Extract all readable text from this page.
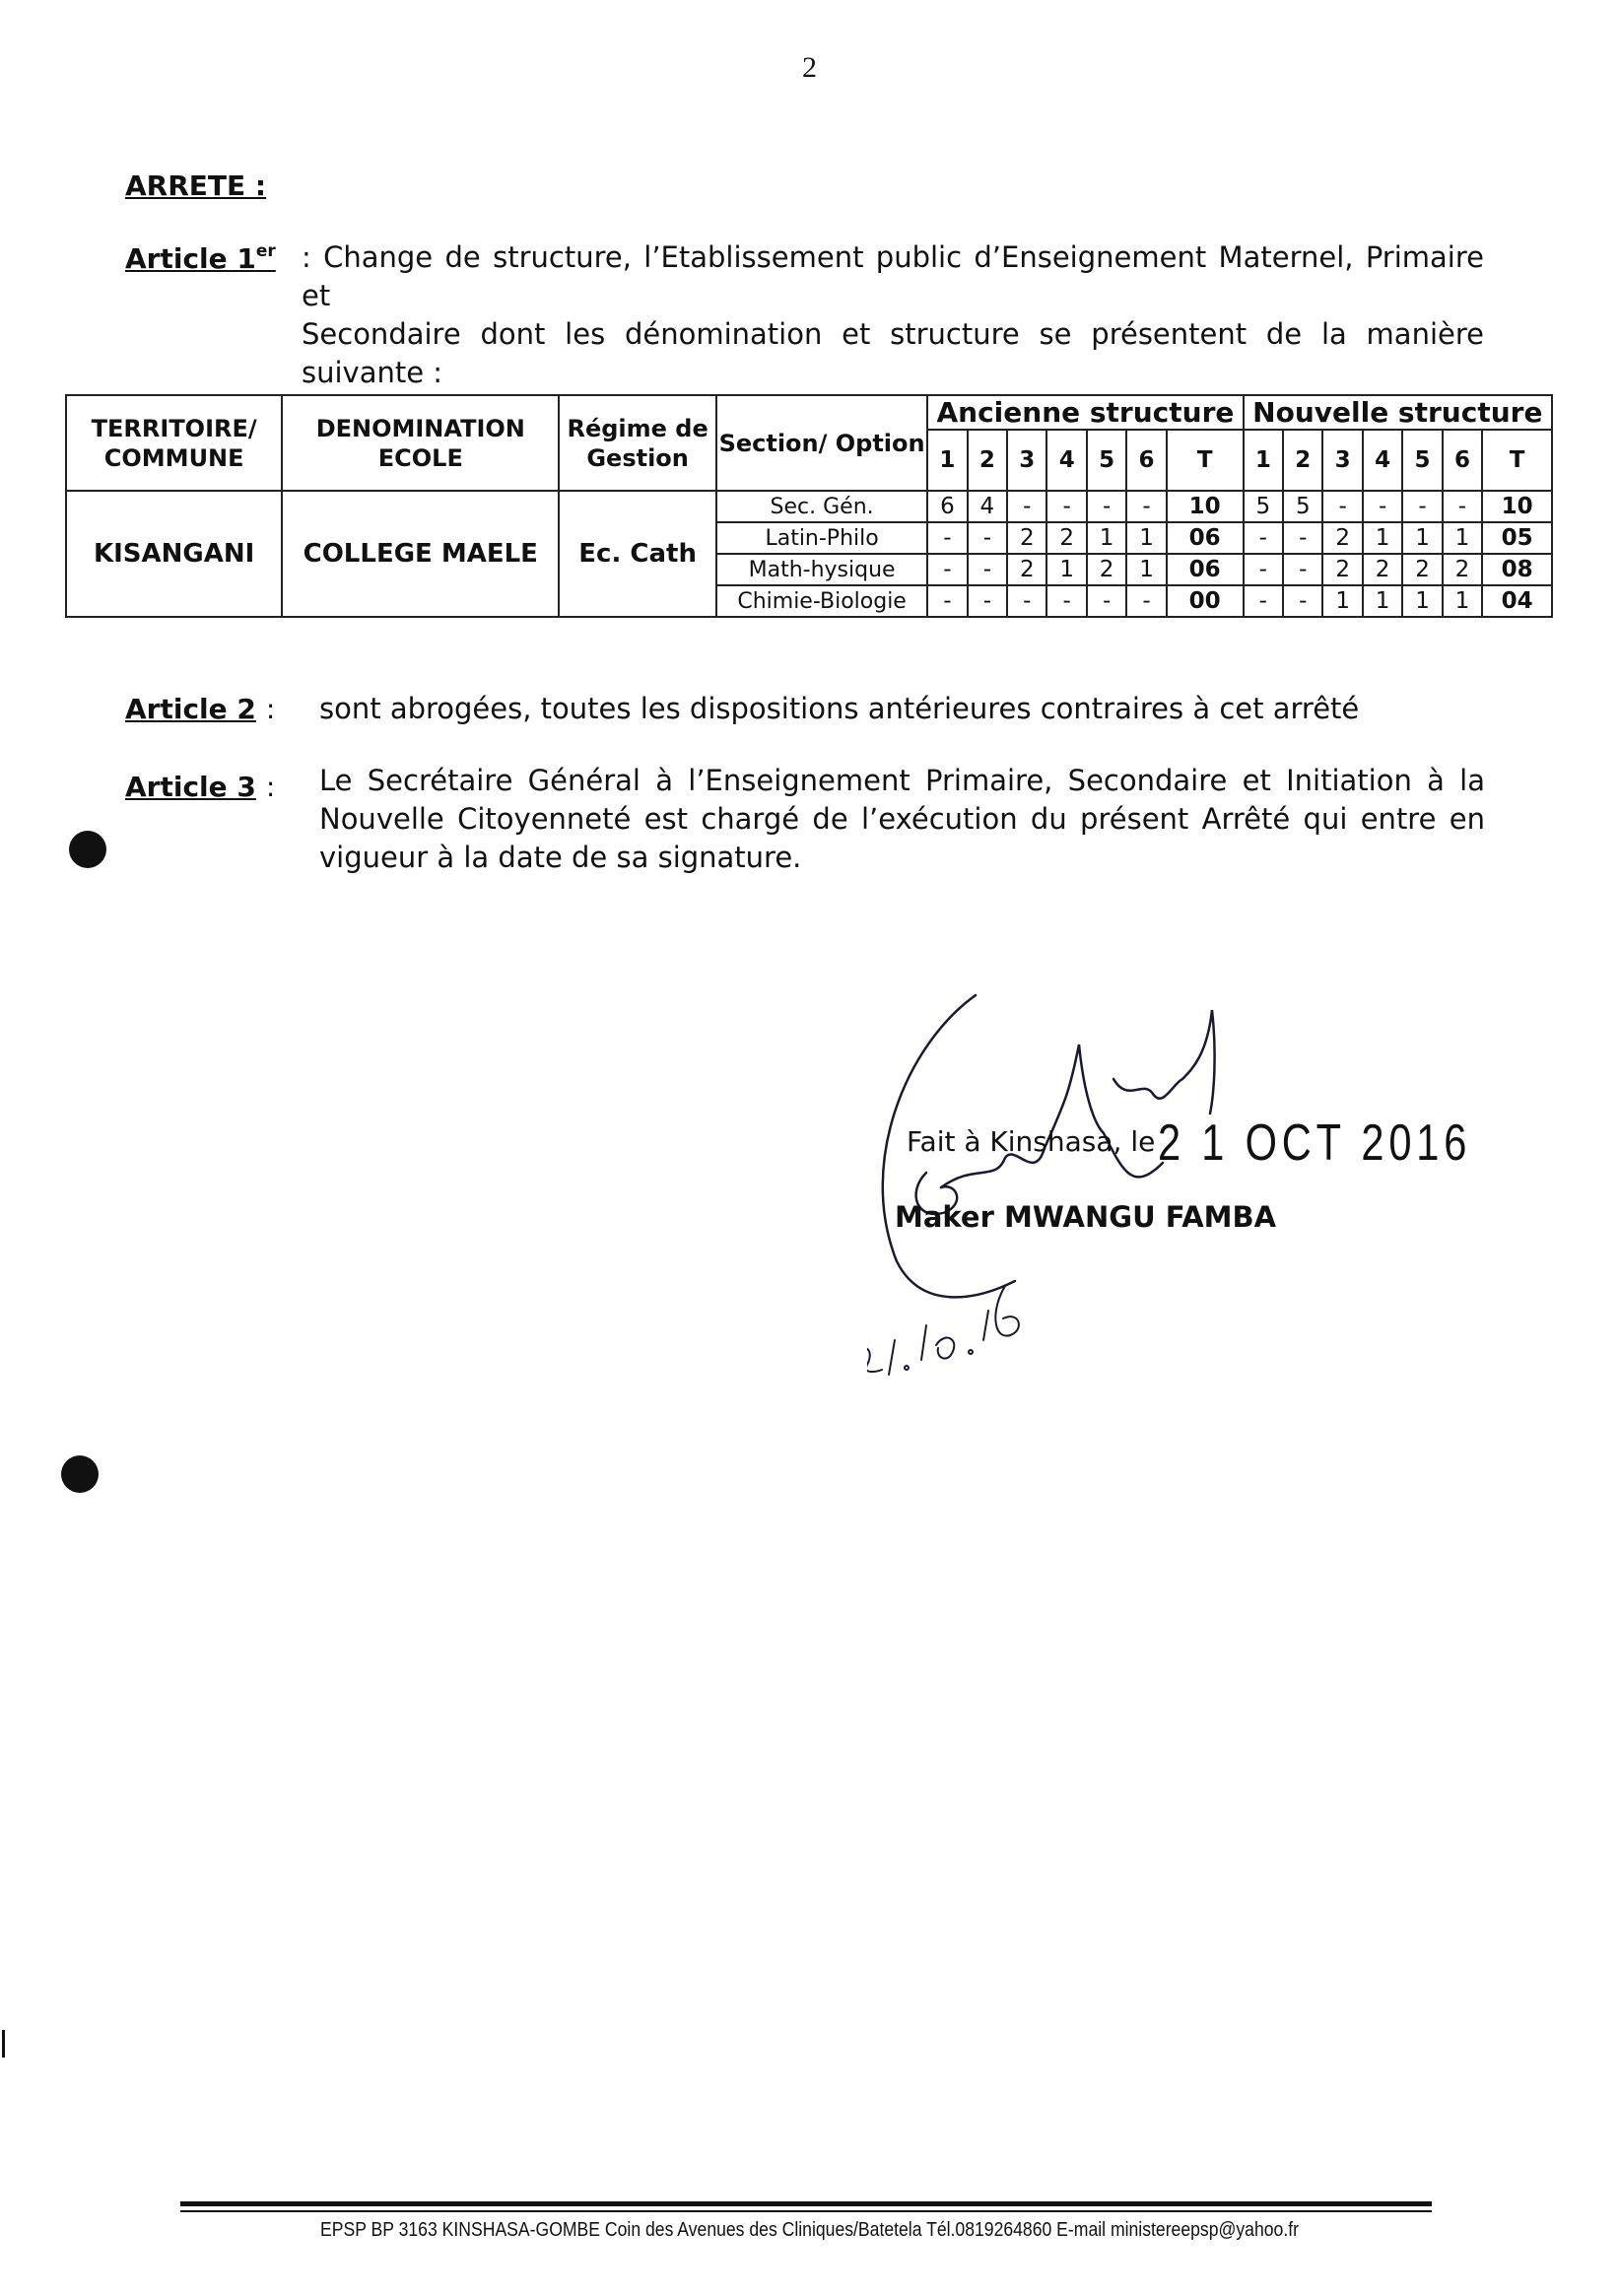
2
ARRETE :
Article 1er : Change de structure, l’Etablissement public d’Enseignement Maternel, Primaire et
Secondaire dont les dénomination et structure se présentent de la manière suivante :
TERRITOIRE/ COMMUNE	DENOMINATION ECOLE	Régime de Gestion	Section/ Option	Ancienne structure							Nouvelle structure						
				1	2	3	4	5	6	T	1	2	3	4	5	6	T
KISANGANI	COLLEGE MAELE	Ec. Cath	Sec. Gén.	6	4	-	-	-	-	10	5	5	-	-	-	-	10
			Latin-Philo	-	-	2	2	1	1	06	-	-	2	1	1	1	05
			Math-hysique	-	-	2	1	2	1	06	-	-	2	2	2	2	08
			Chimie-Biologie	-	-	-	-	-	-	00	-	-	1	1	1	1	04
Article 2 : sont abrogées, toutes les dispositions antérieures contraires à cet arrêté
Article 3 : Le Secrétaire Général à l’Enseignement Primaire, Secondaire et Initiation à la Nouvelle Citoyenneté est chargé de l’exécution du présent Arrêté qui entre en vigueur à la date de sa signature.
Fait à Kinshasa, le 2 1 OCT 2016
Maker MWANGU FAMBA
EPSP BP 3163 KINSHASA-GOMBE Coin des Avenues des Cliniques/Batetela Tél.0819264860 E-mail ministereepsp@yahoo.fr
